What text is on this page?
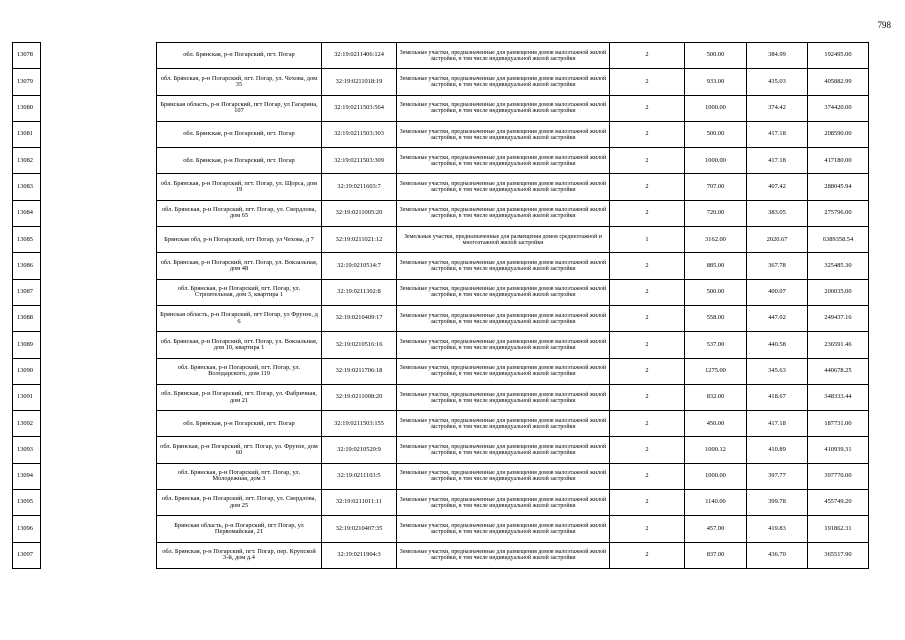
798
13078		обл. Брянская, р-н Погарский, пгт. Погар	32:19:0211406:124	Земельные участки, предназначенные для размещения домов малоэтажной жилой застройки, в том числе индивидуальной жилой застройки	2	500.00	384.99	192495.00
13079		обл. Брянская, р-н Погарский, пгт. Погар, ул. Чехова, дом 35	32:19:0211018:19	Земельные участки, предназначенные для размещения домов малоэтажной жилой застройки, в том числе индивидуальной жилой застройки	2	933.00	435.03	405882.99
13080		Брянская область, р-н Погарский, пгт Погар, ул Гагарина, 107	32:19:0211503:564	Земельные участки, предназначенные для размещения домов малоэтажной жилой застройки, в том числе индивидуальной жилой застройки	2	1000.00	374.42	374420.00
13081		обл. Брянская, р-н Погарский, пгт. Погар	32:19:0211503:303	Земельные участки, предназначенные для размещения домов малоэтажной жилой застройки, в том числе индивидуальной жилой застройки	2	500.00	417.18	208590.00
13082		обл. Брянская, р-н Погарский, пгт. Погар	32:19:0211503:309	Земельные участки, предназначенные для размещения домов малоэтажной жилой застройки, в том числе индивидуальной жилой застройки	2	1000.00	417.18	417180.00
13083		обл. Брянская, р-н Погарский, пгт. Погар, ул. Щорса, дом 19	32:19:0211603:7	Земельные участки, предназначенные для размещения домов малоэтажной жилой застройки, в том числе индивидуальной жилой застройки	2	707.00	407.42	288045.94
13084		обл. Брянская, р-н Погарский, пгт. Погар, ул. Свердлова, дом 65	32:19:0211005:20	Земельные участки, предназначенные для размещения домов малоэтажной жилой застройки, в том числе индивидуальной жилой застройки	2	720.00	383.05	275796.00
13085		Брянская обл, р-н Погарский, пгт Погар, ул Чехова, д 7	32:19:0211021:12	Земельные участки, предназначенные для размещения домов среднеэтажной и многоэтажной жилой застройки	1	3162.00	2020.67	6389358.54
13086		обл. Брянская, р-н Погарский, пгт. Погар, ул. Вокзальная, дом 48	32:19:0210514:7	Земельные участки, предназначенные для размещения домов малоэтажной жилой застройки, в том числе индивидуальной жилой застройки	2	885.00	367.78	325485.30
13087		обл. Брянская, р-н Погарский, пгт. Погар, ул. Строительная, дом 3, квартира 1	32:19:0211302:8	Земельные участки, предназначенные для размещения домов малоэтажной жилой застройки, в том числе индивидуальной жилой застройки	2	500.00	400.07	200035.00
13088		Брянская область, р-н Погарский, пгт Погар, ул Фрунзе, д 6	32:19:0210409:17	Земельные участки, предназначенные для размещения домов малоэтажной жилой застройки, в том числе индивидуальной жилой застройки	2	558.00	447.02	249437.16
13089		обл. Брянская, р-н Погарский, пгт. Погар, ул. Вокзальная, дом 10, квартира 1	32:19:0210516:16	Земельные участки, предназначенные для размещения домов малоэтажной жилой застройки, в том числе индивидуальной жилой застройки	2	537.00	440.58	236591.46
13090		обл. Брянская, р-н Погарский, пгт. Погар, ул. Володарского, дом 119	32:19:0211706:18	Земельные участки, предназначенные для размещения домов малоэтажной жилой застройки, в том числе индивидуальной жилой застройки	2	1275.00	345.63	440678.25
13091		обл. Брянская, р-н Погарский, пгт. Погар, ул. Фабричная, дом 21	32:19:0211008:20	Земельные участки, предназначенные для размещения домов малоэтажной жилой застройки, в том числе индивидуальной жилой застройки	2	832.00	418.67	348333.44
13092		обл. Брянская, р-н Погарский, пгт. Погар	32:19:0211503:155	Земельные участки, предназначенные для размещения домов малоэтажной жилой застройки, в том числе индивидуальной жилой застройки	2	450.00	417.18	187731.00
13093		обл. Брянская, р-н Погарский, пгт. Погар, ул. Фрунзе, дом 60	32:19:0210520:9	Земельные участки, предназначенные для размещения домов малоэтажной жилой застройки, в том числе индивидуальной жилой застройки	2	1000.12	410.89	410939.31
13094		обл. Брянская, р-н Погарский, пгт. Погар, ул. Молодежная, дом 3	32:19:0211103:5	Земельные участки, предназначенные для размещения домов малоэтажной жилой застройки, в том числе индивидуальной жилой застройки	2	1000.00	397.77	397770.00
13095		обл. Брянская, р-н Погарский, пгт. Погар, ул. Свердлова, дом 25	32:19:0211011:11	Земельные участки, предназначенные для размещения домов малоэтажной жилой застройки, в том числе индивидуальной жилой застройки	2	1140.00	399.78	455749.20
13096		Брянская область, р-н Погарский, пгт Погар, ул Первомайская, 21	32:19:0210407:35	Земельные участки, предназначенные для размещения домов малоэтажной жилой застройки, в том числе индивидуальной жилой застройки	2	457.00	419.83	191862.31
13097		обл. Брянская, р-н Погарский, пгт. Погар, пер. Крупской 3-й, дом д.4	32:19:0211904:3	Земельные участки, предназначенные для размещения домов малоэтажной жилой застройки, в том числе индивидуальной жилой застройки	2	837.00	436.70	365517.90
